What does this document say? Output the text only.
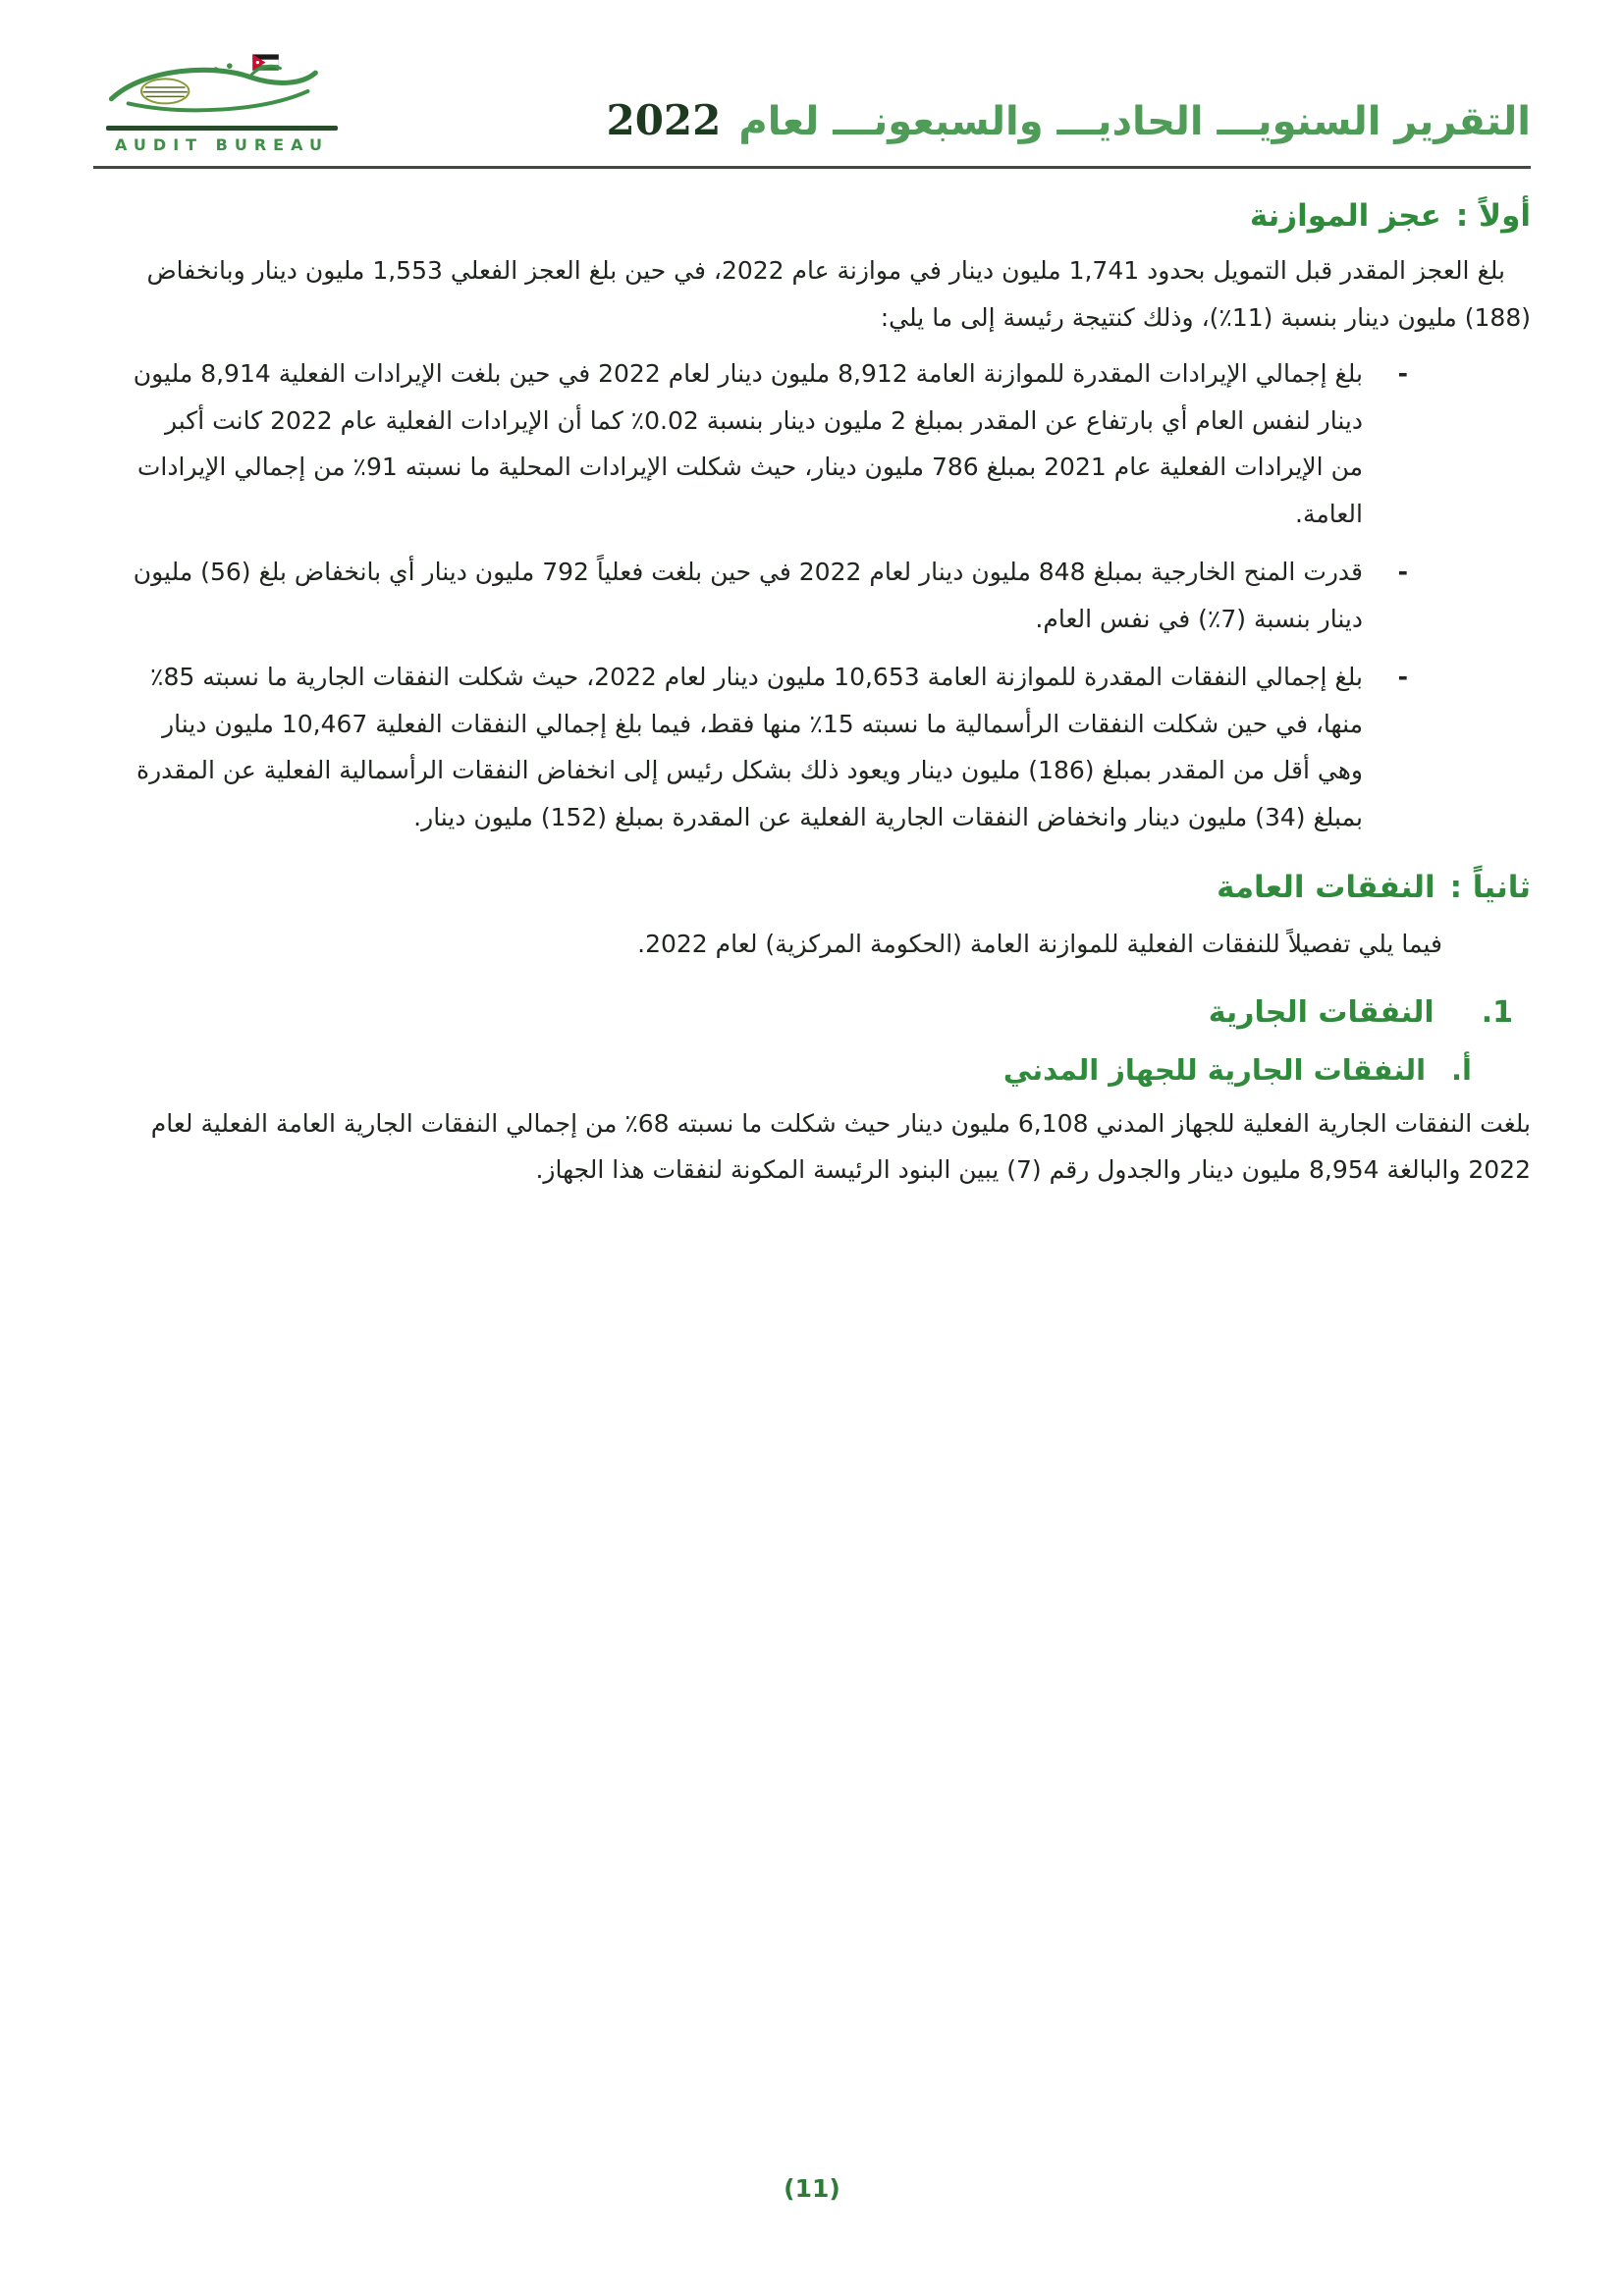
AUDIT BUREAU
التقرير السنويـــ الحاديـــ والسبعونـــ لعام
2022
أولاً :
عجز الموازنة

بلغ العجز المقدر قبل التمويل بحدود 1,741 مليون دينار في موازنة عام 2022، في حين بلغ العجز الفعلي 1,553 مليون دينار وبانخفاض (188) مليون دينار بنسبة (11٪)، وذلك كنتيجة رئيسة إلى ما يلي:

-

بلغ إجمالي الإيرادات المقدرة للموازنة العامة 8,912 مليون دينار لعام 2022 في حين بلغت الإيرادات الفعلية 8,914 مليون دينار لنفس العام أي بارتفاع عن المقدر بمبلغ 2 مليون دينار بنسبة 0.02٪ كما أن الإيرادات الفعلية عام 2022 كانت أكبر من الإيرادات الفعلية عام 2021 بمبلغ 786 مليون دينار، حيث شكلت الإيرادات المحلية ما نسبته 91٪ من إجمالي الإيرادات العامة.

-

قدرت المنح الخارجية بمبلغ 848 مليون دينار لعام 2022 في حين بلغت فعلياً 792 مليون دينار أي بانخفاض بلغ (56) مليون دينار بنسبة (7٪) في نفس العام.

-

بلغ إجمالي النفقات المقدرة للموازنة العامة 10,653 مليون دينار لعام 2022، حيث شكلت النفقات الجارية ما نسبته 85٪ منها، في حين شكلت النفقات الرأسمالية ما نسبته 15٪ منها فقط، فيما بلغ إجمالي النفقات الفعلية 10,467 مليون دينار وهي أقل من المقدر بمبلغ (186) مليون دينار ويعود ذلك بشكل رئيس إلى انخفاض النفقات الرأسمالية الفعلية عن المقدرة بمبلغ (34) مليون دينار وانخفاض النفقات الجارية الفعلية عن المقدرة بمبلغ (152) مليون دينار.

ثانياً :
النفقات العامة

فيما يلي تفصيلاً للنفقات الفعلية للموازنة العامة (الحكومة المركزية) لعام 2022.

1.
النفقات الجارية
أ.
النفقات الجارية للجهاز المدني

بلغت النفقات الجارية الفعلية للجهاز المدني 6,108 مليون دينار حيث شكلت ما نسبته 68٪ من إجمالي النفقات الجارية العامة الفعلية لعام 2022 والبالغة 8,954 مليون دينار والجدول رقم (7) يبين البنود الرئيسة المكونة لنفقات هذا الجهاز.

(11)
